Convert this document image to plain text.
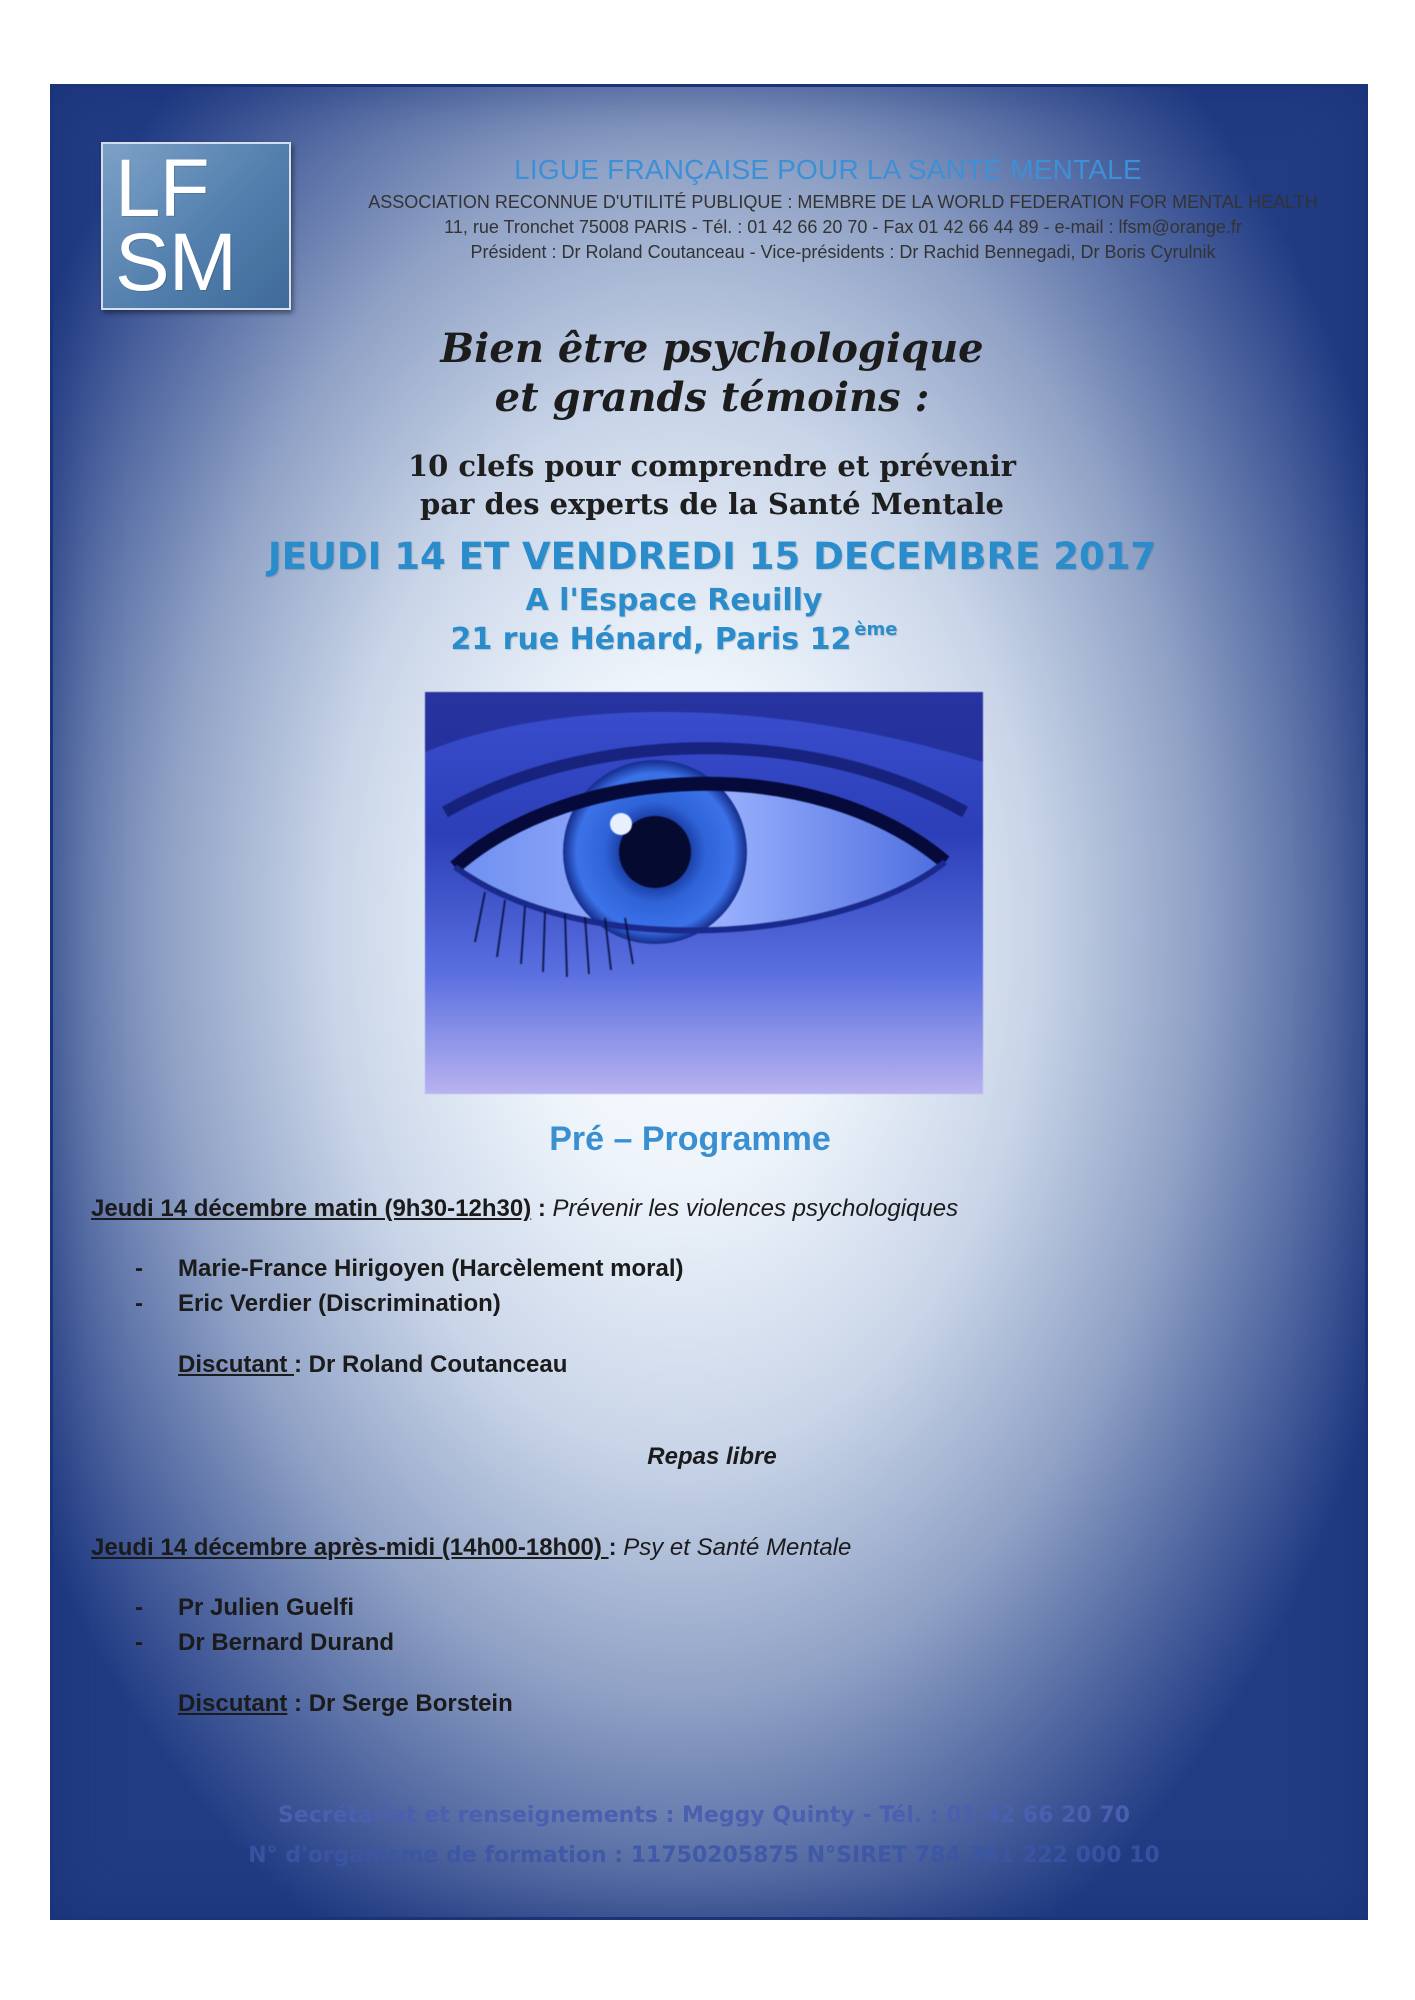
LF
SM
LIGUE FRANÇAISE POUR LA SANTÉ MENTALE
ASSOCIATION RECONNUE D'UTILITÉ PUBLIQUE : MEMBRE DE LA WORLD FEDERATION FOR MENTAL HEALTH
11, rue Tronchet 75008 PARIS - Tél. : 01 42 66 20 70 - Fax 01 42 66 44 89 - e-mail : lfsm@orange.fr
Président : Dr Roland Coutanceau - Vice-présidents : Dr Rachid Bennegadi, Dr Boris Cyrulnik
Bien être psychologique
et grands témoins :
10 clefs pour comprendre et prévenir
par des experts de la Santé Mentale
JEUDI 14 ET VENDREDI 15 DECEMBRE 2017
A l'Espace Reuilly
21 rue Hénard, Paris 12 $^{ème}$
Pré – Programme
Jeudi 14 décembre matin (9h30-12h30) : Prévenir les violences psychologiques
- Marie-France Hirigoyen (Harcèlement moral)
- Eric Verdier (Discrimination)
Discutant : Dr Roland Coutanceau
Repas libre
Jeudi 14 décembre après-midi (14h00-18h00) : Psy et Santé Mentale
- Pr Julien Guelfi
- Dr Bernard Durand
Discutant : Dr Serge Borstein
Secrétariat et renseignements : Meggy Quinty - Tél. : 01 42 66 20 70
N° d'organisme de formation : 11750205875 N°SIRET 784 361 222 000 10
